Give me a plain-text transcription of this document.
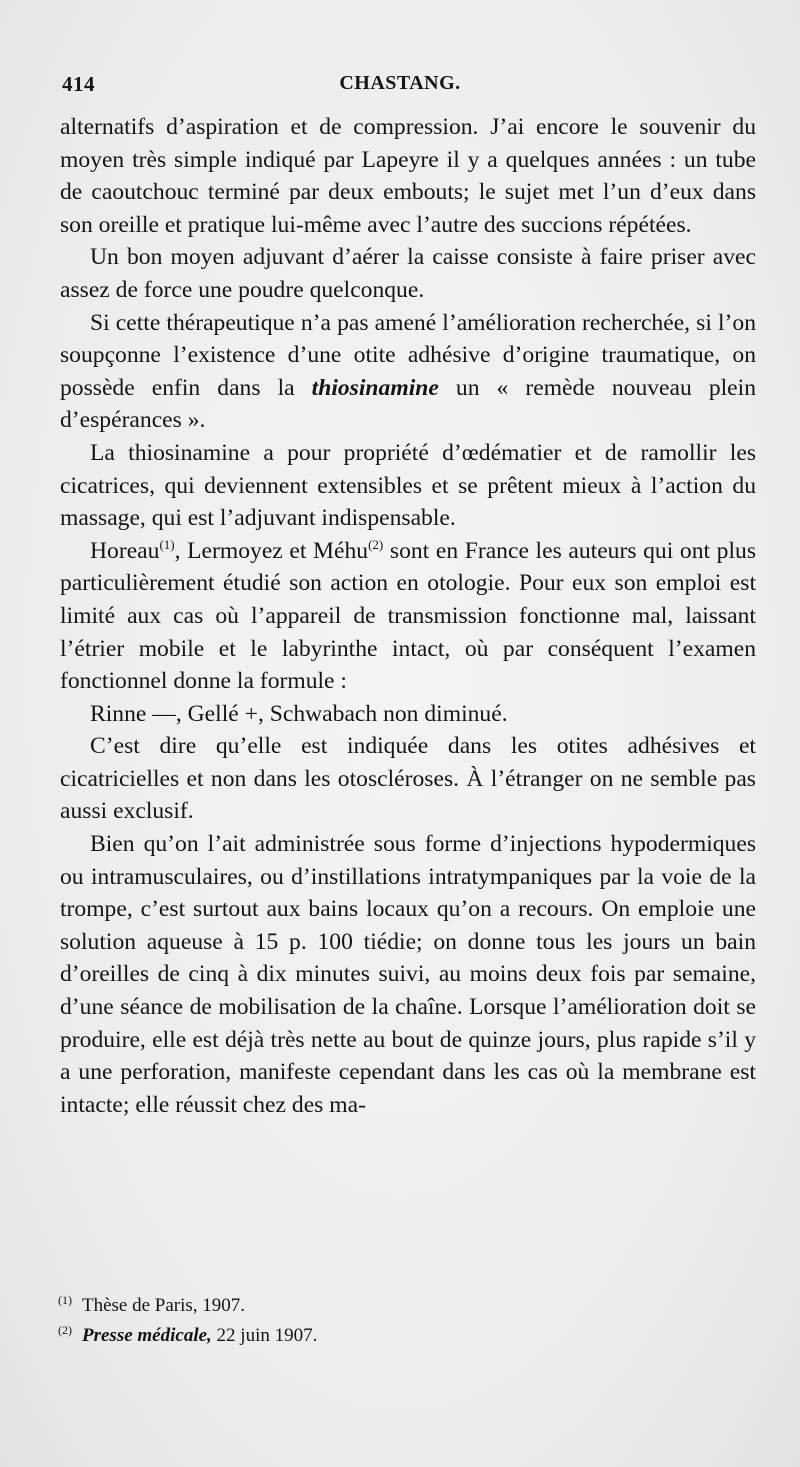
414	CHASTANG.

alternatifs d’aspiration et de compression. J’ai encore le souvenir du moyen très simple indiqué par Lapeyre il y a quelques années : un tube de caoutchouc terminé par deux embouts; le sujet met l’un d’eux dans son oreille et pratique lui-même avec l’autre des succions répétées.

Un bon moyen adjuvant d’aérer la caisse consiste à faire priser avec assez de force une poudre quelconque.

Si cette thérapeutique n’a pas amené l’amélioration recherchée, si l’on soupçonne l’existence d’une otite adhésive d’origine traumatique, on possède enfin dans la thiosinamine un « remède nouveau plein d’espérances ».

La thiosinamine a pour propriété d’œdématier et de ramollir les cicatrices, qui deviennent extensibles et se prêtent mieux à l’action du massage, qui est l’adjuvant indispensable.

Horeau$^{(1)}$, Lermoyez et Méhu$^{(2)}$ sont en France les auteurs qui ont plus particulièrement étudié son action en otologie. Pour eux son emploi est limité aux cas où l’appareil de transmission fonctionne mal, laissant l’étrier mobile et le labyrinthe intact, où par conséquent l’examen fonctionnel donne la formule :

Rinne —, Gellé +, Schwabach non diminué.

C’est dire qu’elle est indiquée dans les otites adhésives et cicatricielles et non dans les otoscléroses. À l’étranger on ne semble pas aussi exclusif.

Bien qu’on l’ait administrée sous forme d’injections hypodermiques ou intramusculaires, ou d’instillations intratympaniques par la voie de la trompe, c’est surtout aux bains locaux qu’on a recours. On emploie une solution aqueuse à 15 p. 100 tiédie; on donne tous les jours un bain d’oreilles de cinq à dix minutes suivi, au moins deux fois par semaine, d’une séance de mobilisation de la chaîne. Lorsque l’amélioration doit se produire, elle est déjà très nette au bout de quinze jours, plus rapide s’il y a une perforation, manifeste cependant dans les cas où la membrane est intacte; elle réussit chez des ma-

$^{(1)}$ Thèse de Paris, 1907.

$^{(2)}$ Presse médicale, 22 juin 1907.
